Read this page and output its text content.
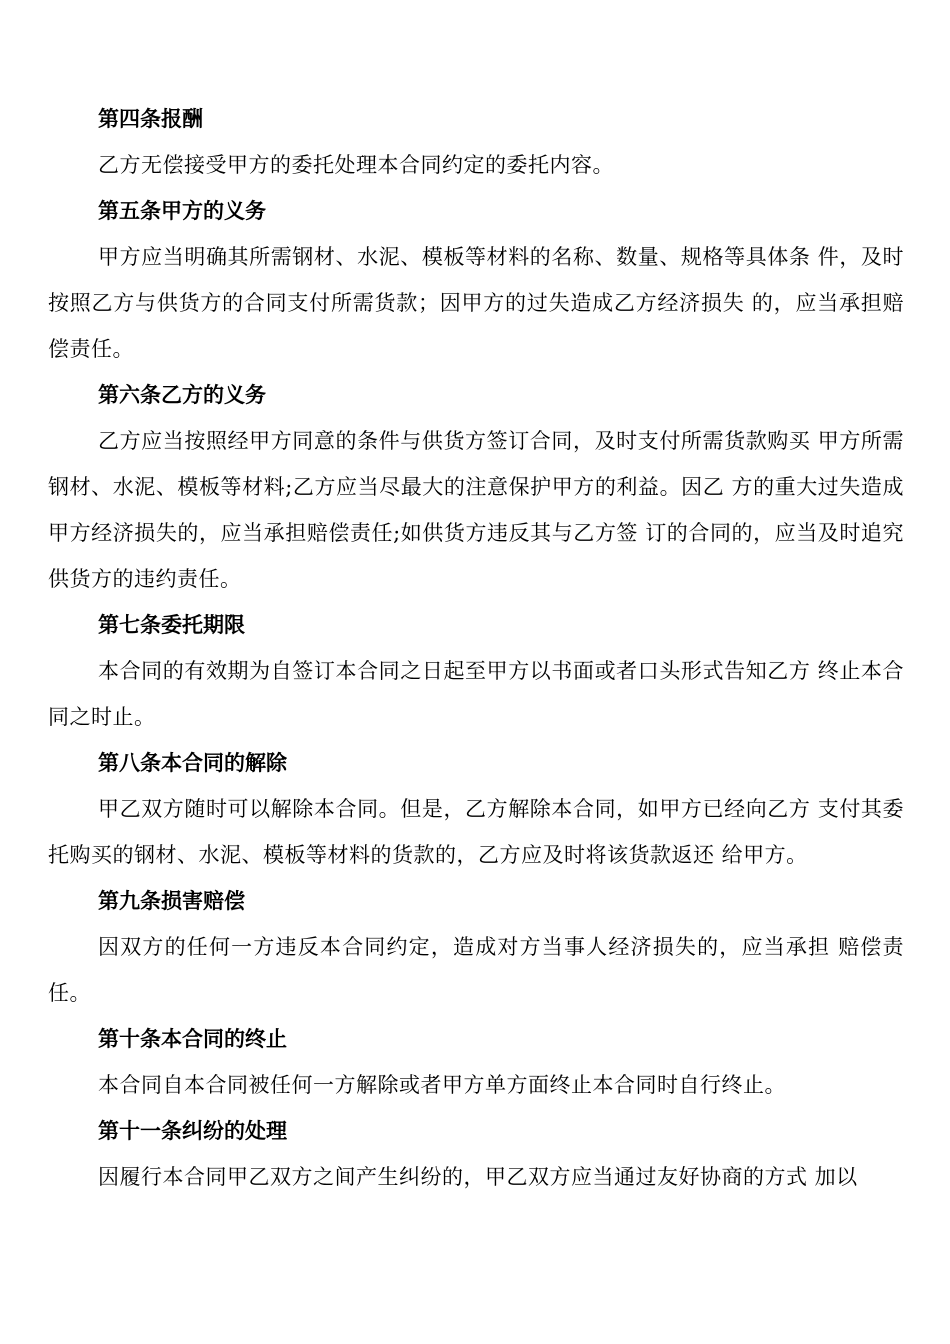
第四条报酬

乙方无偿接受甲方的委托处理本合同约定的委托内容。

第五条甲方的义务

甲方应当明确其所需钢材、水泥、模板等材料的名称、数量、规格等具体条 件，及时按照乙方与供货方的合同支付所需货款；因甲方的过失造成乙方经济损失 的，应当承担赔偿责任。

第六条乙方的义务

乙方应当按照经甲方同意的条件与供货方签订合同，及时支付所需货款购买 甲方所需钢材、水泥、模板等材料;乙方应当尽最大的注意保护甲方的利益。因乙 方的重大过失造成甲方经济损失的，应当承担赔偿责任;如供货方违反其与乙方签 订的合同的，应当及时追究供货方的违约责任。

第七条委托期限

本合同的有效期为自签订本合同之日起至甲方以书面或者口头形式告知乙方 终止本合同之时止。

第八条本合同的解除

甲乙双方随时可以解除本合同。但是，乙方解除本合同，如甲方已经向乙方 支付其委托购买的钢材、水泥、模板等材料的货款的，乙方应及时将该货款返还 给甲方。

第九条损害赔偿

因双方的任何一方违反本合同约定，造成对方当事人经济损失的，应当承担 赔偿责任。

第十条本合同的终止

本合同自本合同被任何一方解除或者甲方单方面终止本合同时自行终止。

第十一条纠纷的处理

因履行本合同甲乙双方之间产生纠纷的，甲乙双方应当通过友好协商的方式 加以
